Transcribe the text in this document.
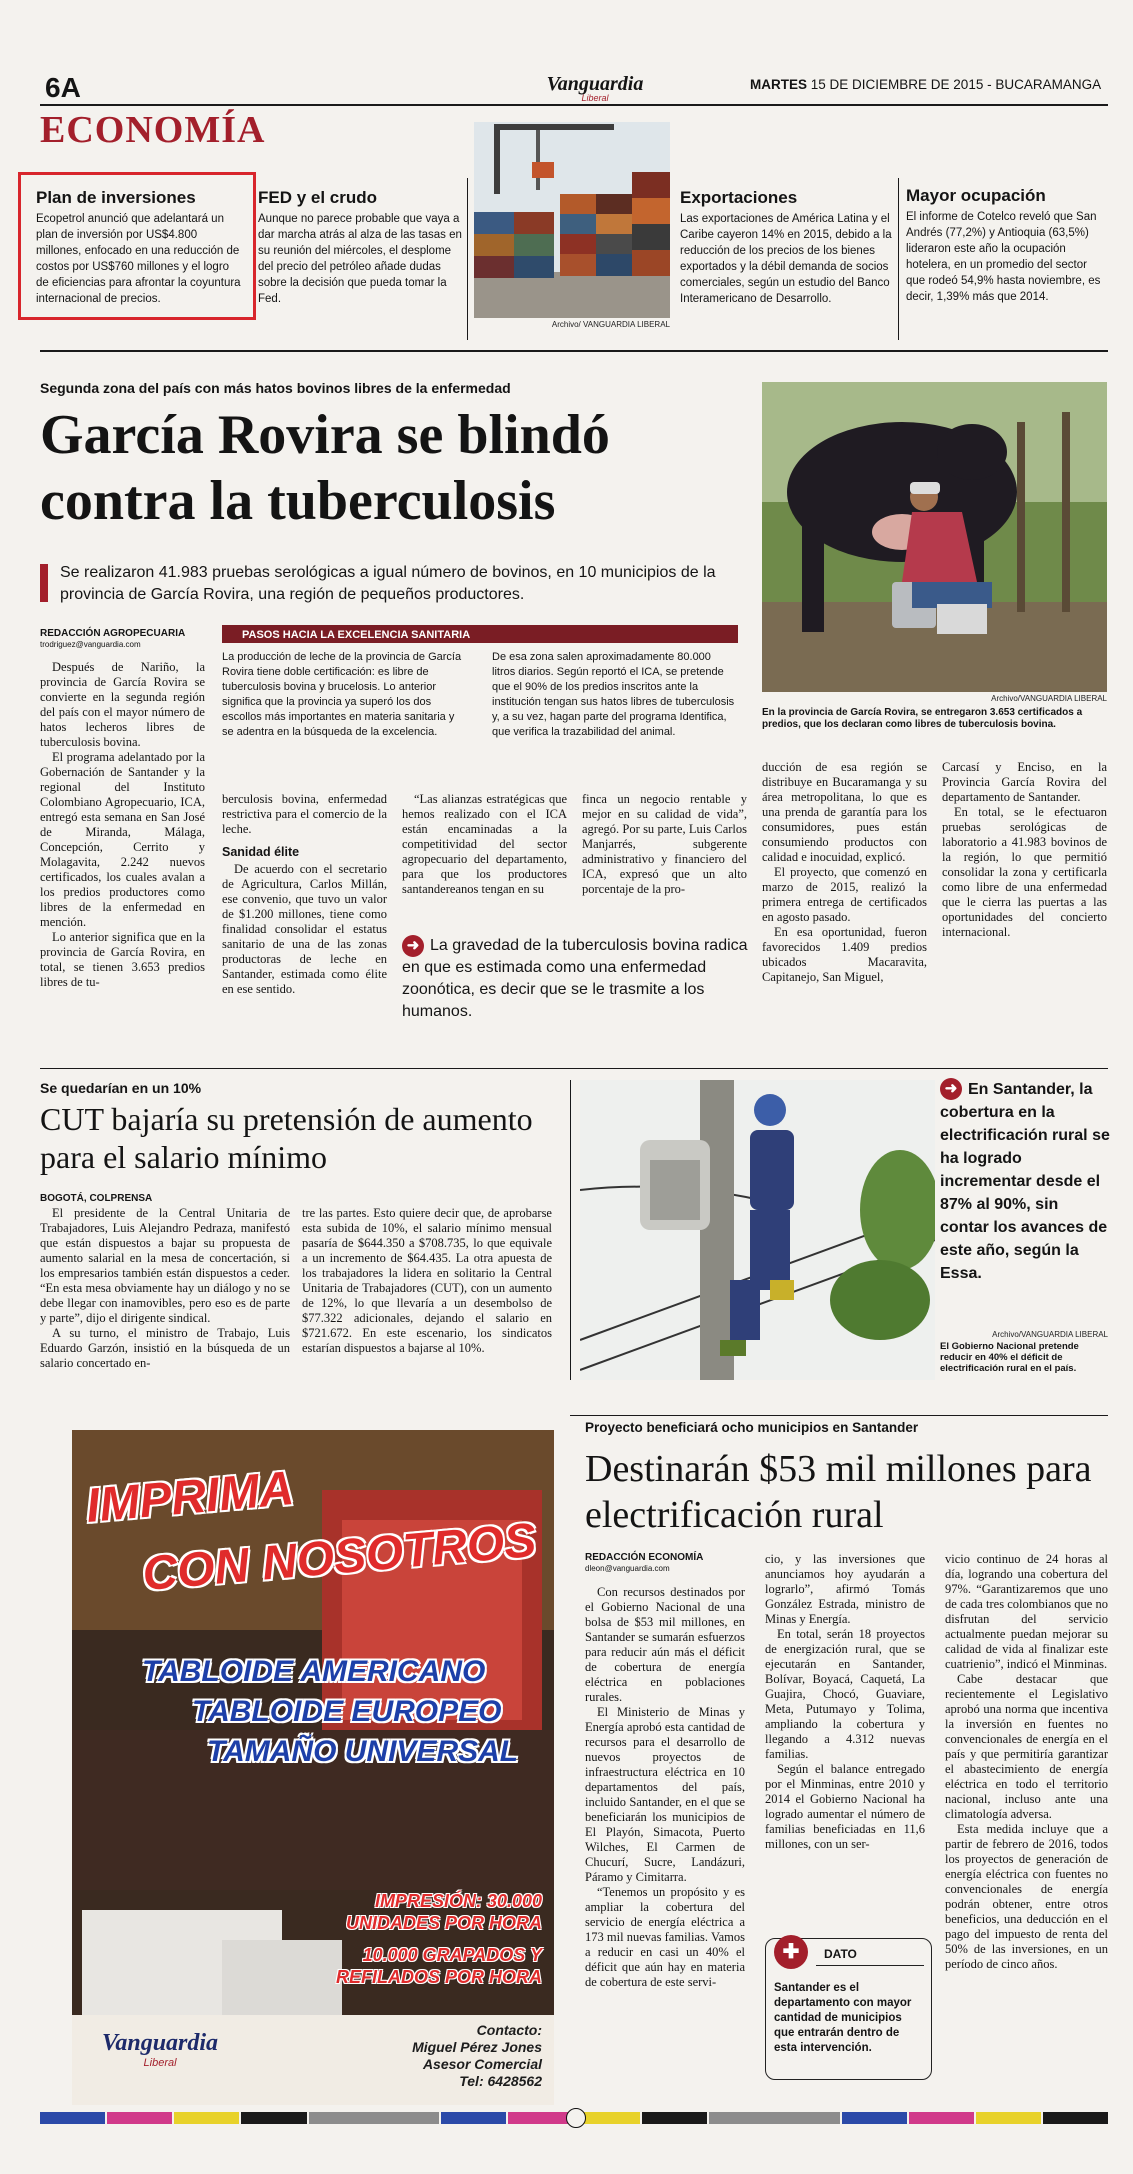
6A	Vanguardia
Liberal
MARTES 15 DE DICIEMBRE DE 2015 - BUCARAMANGA
ECONOMÍA
Plan de inversiones
Ecopetrol anunció que adelantará un plan de inversión por US$4.800 millones, enfocado en una reducción de costos por US$760 millones y el logro de eficiencias para afrontar la coyuntura internacional de precios.
FED y el crudo
Aunque no parece probable que vaya a dar marcha atrás al alza de las tasas en su reunión del miércoles, el desplome del precio del petróleo añade dudas sobre la decisión que pueda tomar la Fed.
Archivo/ VANGUARDIA LIBERAL
Exportaciones
Las exportaciones de América Latina y el Caribe cayeron 14% en 2015, debido a la reducción de los precios de los bienes exportados y la débil demanda de socios comerciales, según un estudio del Banco Interamericano de Desarrollo.
Mayor ocupación
El informe de Cotelco reveló que San Andrés (77,2%) y Antioquia (63,5%) lideraron este año la ocupación hotelera, en un promedio del sector que rodeó 54,9% hasta noviembre, es decir, 1,39% más que 2014.
Segunda zona del país con más hatos bovinos libres de la enfermedad
García Rovira se blindó contra la tuberculosis
Se realizaron 41.983 pruebas serológicas a igual número de bovinos, en 10 municipios de la provincia de García Rovira, una región de pequeños productores.
REDACCIÓN AGROPECUARIA
trodriguez@vanguardia.com
PASOS HACIA LA EXCELENCIA SANITARIA
La producción de leche de la provincia de García Rovira tiene doble certificación: es libre de tuberculosis bovina y brucelosis. Lo anterior significa que la provincia ya superó los dos escollos más importantes en materia sanitaria y se adentra en la búsqueda de la excelencia.
De esa zona salen aproximadamente 80.000 litros diarios. Según reportó el ICA, se pretende que el 90% de los predios inscritos ante la institución tengan sus hatos libres de tuberculosis y, a su vez, hagan parte del programa Identifica, que verifica la trazabilidad del animal.
Archivo/VANGUARDIA LIBERAL
En la provincia de García Rovira, se entregaron 3.653 certificados a predios, que los declaran como libres de tuberculosis bovina.

Después de Nariño, la provincia de García Rovira se convierte en la segunda región del país con el mayor número de hatos lecheros libres de tuberculosis bovina.

El programa adelantado por la Gobernación de Santander y la regional del Instituto Colombiano Agropecuario, ICA, entregó esta semana en San José de Miranda, Málaga, Concepción, Cerrito y Molagavita, 2.242 nuevos certificados, los cuales avalan a los predios productores como libres de la enfermedad en mención.

Lo anterior significa que en la provincia de García Rovira, en total, se tienen 3.653 predios libres de tu-

berculosis bovina, enfermedad restrictiva para el comercio de la leche.

Sanidad élite

De acuerdo con el secretario de Agricultura, Carlos Millán, ese convenio, que tuvo un valor de $1.200 millones, tiene como finalidad consolidar el estatus sanitario de una de las zonas productoras de leche en Santander, estimada como élite en ese sentido.

“Las alianzas estratégicas que hemos realizado con el ICA están encaminadas a la competitividad del sector agropecuario del departamento, para que los productores santandereanos tengan en su

finca un negocio rentable y mejor en su calidad de vida”, agregó. Por su parte, Luis Carlos Manjarrés, subgerente administrativo y financiero del ICA, expresó que un alto porcentaje de la pro-

➜ La gravedad de la tuberculosis bovina radica en que es estimada como una enfermedad zoonótica, es decir que se le trasmite a los humanos.

ducción de esa región se distribuye en Bucaramanga y su área metropolitana, lo que es una prenda de garantía para los consumidores, pues están consumiendo productos con calidad e inocuidad, explicó.

El proyecto, que comenzó en marzo de 2015, realizó la primera entrega de certificados en agosto pasado.

En esa oportunidad, fueron favorecidos 1.409 predios ubicados Macaravita, Capitanejo, San Miguel,

Carcasí y Enciso, en la Provincia García Rovira del departamento de Santander.

En total, se le efectuaron pruebas serológicas de laboratorio a 41.983 bovinos de la región, lo que permitió consolidar la zona y certificarla como libre de una enfermedad que le cierra las puertas a las oportunidades del concierto internacional.

Se quedarían en un 10%
CUT bajaría su pretensión de aumento para el salario mínimo
BOGOTÁ, COLPRENSA

El presidente de la Central Unitaria de Trabajadores, Luis Alejandro Pedraza, manifestó que están dispuestos a bajar su propuesta de aumento salarial en la mesa de concertación, si los empresarios también están dispuestos a ceder. “En esta mesa obviamente hay un diálogo y no se debe llegar con inamovibles, pero eso es de parte y parte”, dijo el dirigente sindical.

A su turno, el ministro de Trabajo, Luis Eduardo Garzón, insistió en la búsqueda de un salario concertado en-

tre las partes. Esto quiere decir que, de aprobarse esta subida de 10%, el salario mínimo mensual pasaría de $644.350 a $708.735, lo que equivale a un incremento de $64.435. La otra apuesta de los trabajadores la lidera en solitario la Central Unitaria de Trabajadores (CUT), con un aumento de 12%, lo que llevaría a un desembolso de $77.322 adicionales, dejando el salario en $721.672. En este escenario, los sindicatos estarían dispuestos a bajarse al 10%.

➜ En Santander, la cobertura en la electrificación rural se ha logrado incrementar desde el 87% al 90%, sin contar los avances de este año, según la Essa.
Archivo/VANGUARDIA LIBERAL
El Gobierno Nacional pretende reducir en 40% el déficit de electrificación rural en el país.
IMPRIMA
CON NOSOTROS
TABLOIDE AMERICANO
TABLOIDE EUROPEO
TAMAÑO UNIVERSAL
IMPRESIÓN: 30.000
UNIDADES POR HORA
10.000 GRAPADOS Y
REFILADOS POR HORA
Vanguardia
Liberal
Contacto:
Miguel Pérez Jones
Asesor Comercial
Tel: 6428562
Proyecto beneficiará ocho municipios en Santander
Destinarán $53 mil millones para electrificación rural
REDACCIÓN ECONOMÍA
dleon@vanguardia.com

Con recursos destinados por el Gobierno Nacional de una bolsa de $53 mil millones, en Santander se sumarán esfuerzos para reducir aún más el déficit de cobertura de energía eléctrica en poblaciones rurales.

El Ministerio de Minas y Energía aprobó esta cantidad de recursos para el desarrollo de nuevos proyectos de infraestructura eléctrica en 10 departamentos del país, incluido Santander, en el que se beneficiarán los municipios de El Playón, Simacota, Puerto Wilches, El Carmen de Chucurí, Sucre, Landázuri, Páramo y Cimitarra.

“Tenemos un propósito y es ampliar la cobertura del servicio de energía eléctrica a 173 mil nuevas familias. Vamos a reducir en casi un 40% el déficit que aún hay en materia de cobertura de este servi-

cio, y las inversiones que anunciamos hoy ayudarán a lograrlo”, afirmó Tomás González Estrada, ministro de Minas y Energía.

En total, serán 18 proyectos de energización rural, que se ejecutarán en Santander, Bolívar, Boyacá, Caquetá, La Guajira, Chocó, Guaviare, Meta, Putumayo y Tolima, ampliando la cobertura y llegando a 4.312 nuevas familias.

Según el balance entregado por el Minminas, entre 2010 y 2014 el Gobierno Nacional ha logrado aumentar el número de familias beneficiadas en 11,6 millones, con un ser-

✚	DATO
Santander es el departamento con mayor cantidad de municipios que entrarán dentro de esta intervención.

vicio continuo de 24 horas al día, logrando una cobertura del 97%. “Garantizaremos que uno de cada tres colombianos que no disfrutan del servicio actualmente puedan mejorar su calidad de vida al finalizar este cuatrienio”, indicó el Minminas.

Cabe destacar que recientemente el Legislativo aprobó una norma que incentiva la inversión en fuentes no convencionales de energía en el país y que permitiría garantizar el abastecimiento de energía eléctrica en todo el territorio nacional, incluso ante una climatología adversa.

Esta medida incluye que a partir de febrero de 2016, todos los proyectos de generación de energía eléctrica con fuentes no convencionales de energía podrán obtener, entre otros beneficios, una deducción en el pago del impuesto de renta del 50% de las inversiones, en un período de cinco años.
